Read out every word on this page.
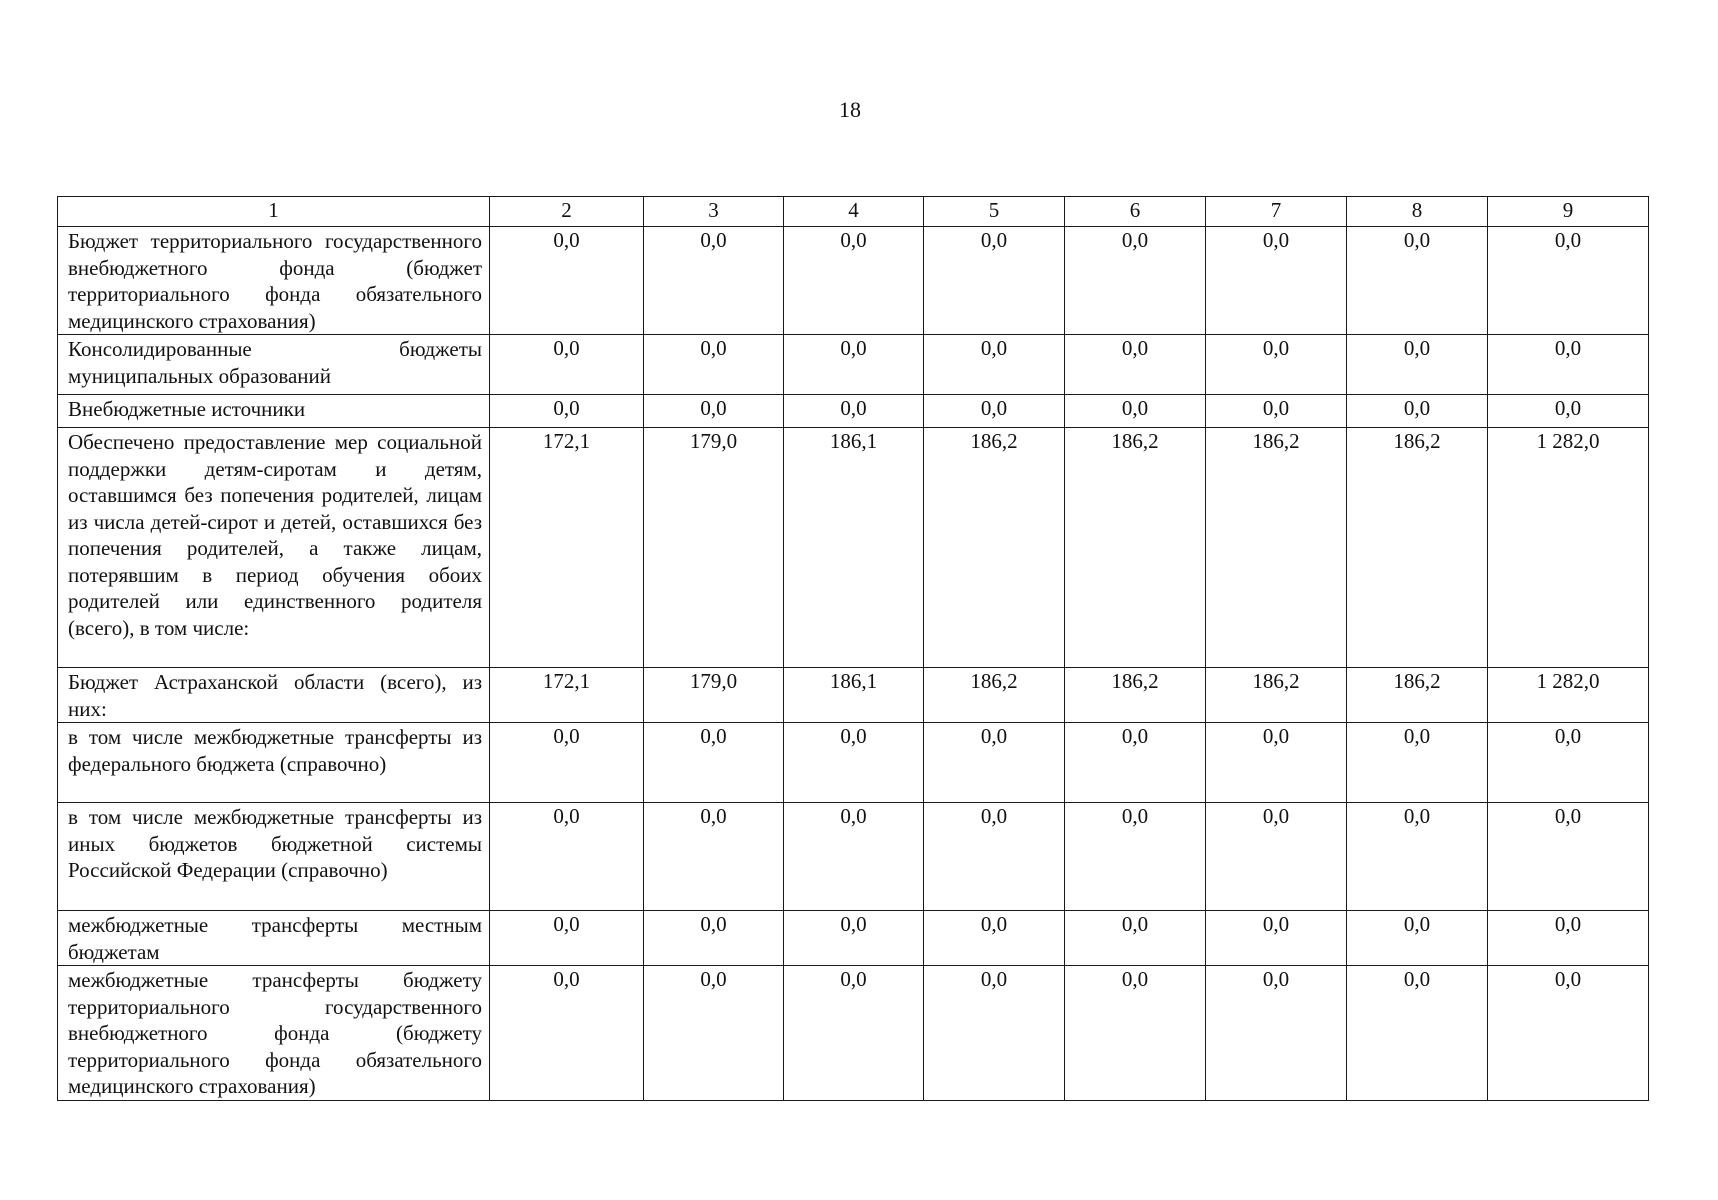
18
1	2	3	4	5	6	7	8	9
Бюджет территориального государственного внебюджетного фонда (бюджет территориального фонда обязательного медицинского страхования)	0,0	0,0	0,0	0,0	0,0	0,0	0,0	0,0
Консолидированные бюджеты муниципальных образований	0,0	0,0	0,0	0,0	0,0	0,0	0,0	0,0
Внебюджетные источники	0,0	0,0	0,0	0,0	0,0	0,0	0,0	0,0
Обеспечено предоставление мер социальной поддержки детям-сиротам и детям, оставшимся без попечения родителей, лицам из числа детей-сирот и детей, оставшихся без попечения родителей, а также лицам, потерявшим в период обучения обоих родителей или единственного родителя (всего), в том числе:	172,1	179,0	186,1	186,2	186,2	186,2	186,2	1 282,0
Бюджет Астраханской области (всего), из них:	172,1	179,0	186,1	186,2	186,2	186,2	186,2	1 282,0
в том числе межбюджетные трансферты из федерального бюджета (справочно)	0,0	0,0	0,0	0,0	0,0	0,0	0,0	0,0
в том числе межбюджетные трансферты из иных бюджетов бюджетной системы Российской Федерации (справочно)	0,0	0,0	0,0	0,0	0,0	0,0	0,0	0,0
межбюджетные трансферты местным бюджетам	0,0	0,0	0,0	0,0	0,0	0,0	0,0	0,0
межбюджетные трансферты бюджету территориального государственного внебюджетного фонда (бюджету территориального фонда обязательного медицинского страхования)	0,0	0,0	0,0	0,0	0,0	0,0	0,0	0,0
